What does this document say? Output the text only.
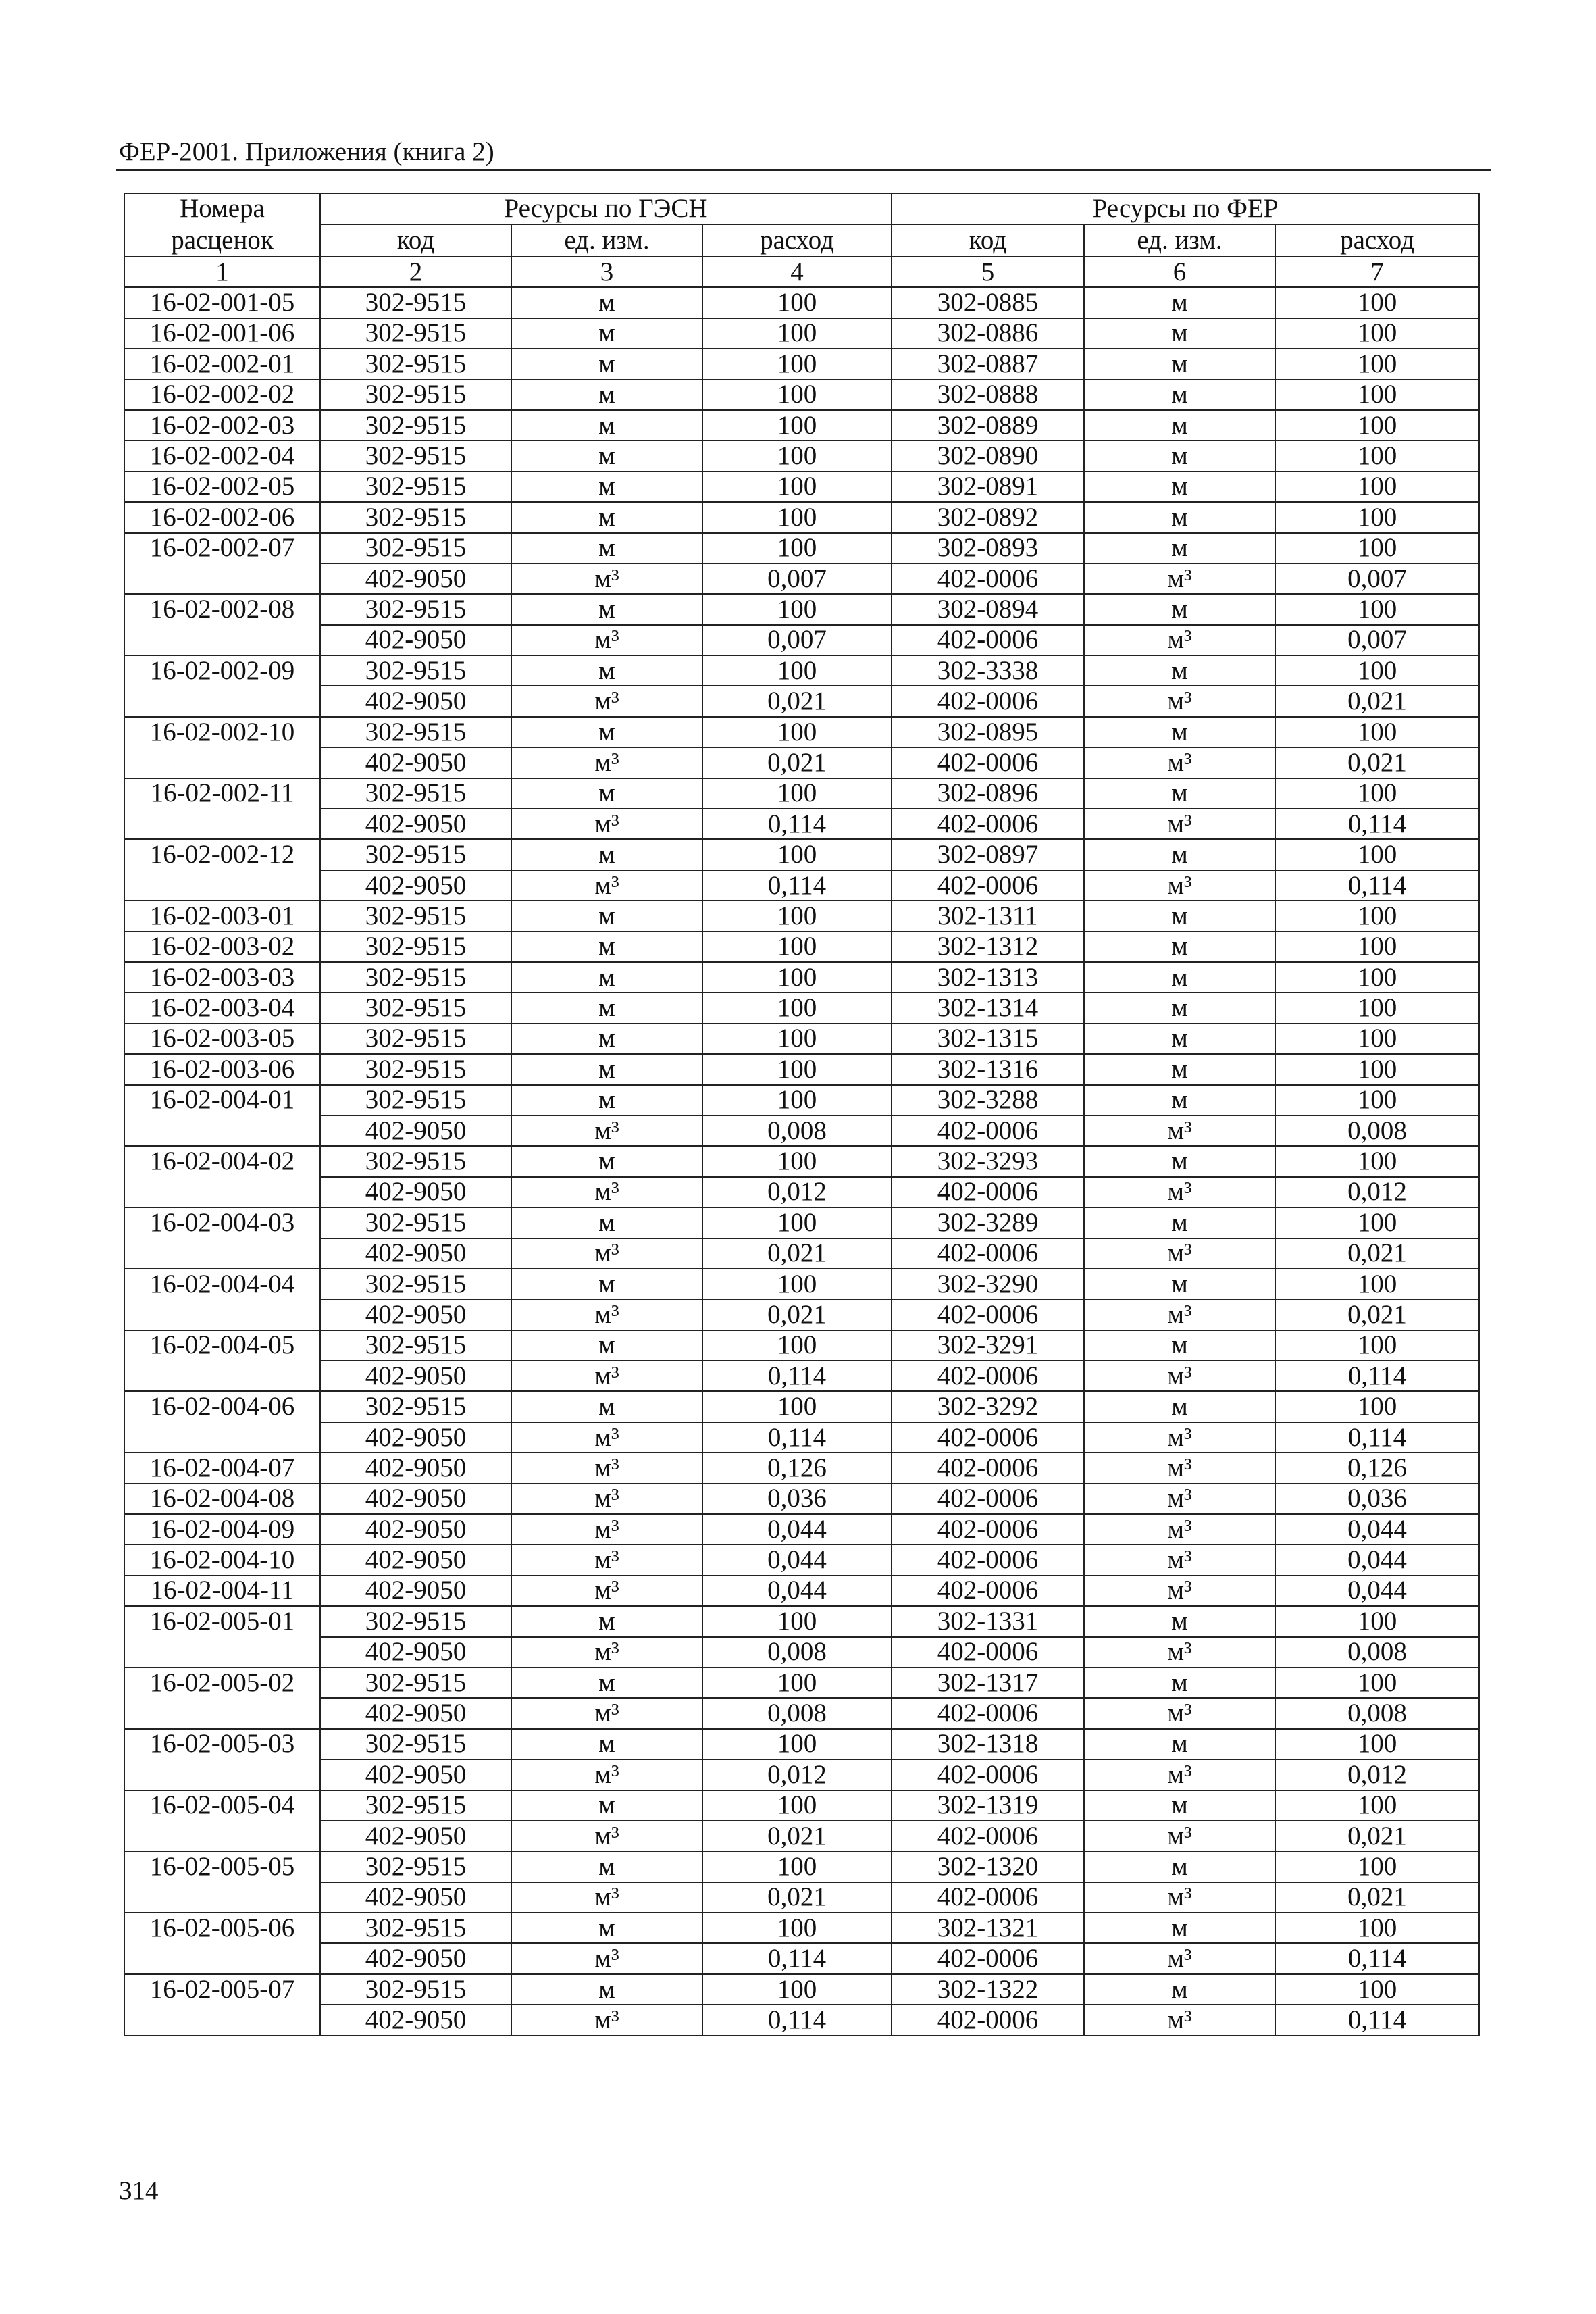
ФЕР-2001. Приложения (книга 2)
Номера	Ресурсы по ГЭСН			Ресурсы по ФЕР		
расценок	код	ед. изм.	расход	код	ед. изм.	расход
1	2	3	4	5	6	7
16-02-001-05	302-9515	м	100	302-0885	м	100
16-02-001-06	302-9515	м	100	302-0886	м	100
16-02-002-01	302-9515	м	100	302-0887	м	100
16-02-002-02	302-9515	м	100	302-0888	м	100
16-02-002-03	302-9515	м	100	302-0889	м	100
16-02-002-04	302-9515	м	100	302-0890	м	100
16-02-002-05	302-9515	м	100	302-0891	м	100
16-02-002-06	302-9515	м	100	302-0892	м	100
16-02-002-07	302-9515	м	100	302-0893	м	100
	402-9050	м³	0,007	402-0006	м³	0,007
16-02-002-08	302-9515	м	100	302-0894	м	100
	402-9050	м³	0,007	402-0006	м³	0,007
16-02-002-09	302-9515	м	100	302-3338	м	100
	402-9050	м³	0,021	402-0006	м³	0,021
16-02-002-10	302-9515	м	100	302-0895	м	100
	402-9050	м³	0,021	402-0006	м³	0,021
16-02-002-11	302-9515	м	100	302-0896	м	100
	402-9050	м³	0,114	402-0006	м³	0,114
16-02-002-12	302-9515	м	100	302-0897	м	100
	402-9050	м³	0,114	402-0006	м³	0,114
16-02-003-01	302-9515	м	100	302-1311	м	100
16-02-003-02	302-9515	м	100	302-1312	м	100
16-02-003-03	302-9515	м	100	302-1313	м	100
16-02-003-04	302-9515	м	100	302-1314	м	100
16-02-003-05	302-9515	м	100	302-1315	м	100
16-02-003-06	302-9515	м	100	302-1316	м	100
16-02-004-01	302-9515	м	100	302-3288	м	100
	402-9050	м³	0,008	402-0006	м³	0,008
16-02-004-02	302-9515	м	100	302-3293	м	100
	402-9050	м³	0,012	402-0006	м³	0,012
16-02-004-03	302-9515	м	100	302-3289	м	100
	402-9050	м³	0,021	402-0006	м³	0,021
16-02-004-04	302-9515	м	100	302-3290	м	100
	402-9050	м³	0,021	402-0006	м³	0,021
16-02-004-05	302-9515	м	100	302-3291	м	100
	402-9050	м³	0,114	402-0006	м³	0,114
16-02-004-06	302-9515	м	100	302-3292	м	100
	402-9050	м³	0,114	402-0006	м³	0,114
16-02-004-07	402-9050	м³	0,126	402-0006	м³	0,126
16-02-004-08	402-9050	м³	0,036	402-0006	м³	0,036
16-02-004-09	402-9050	м³	0,044	402-0006	м³	0,044
16-02-004-10	402-9050	м³	0,044	402-0006	м³	0,044
16-02-004-11	402-9050	м³	0,044	402-0006	м³	0,044
16-02-005-01	302-9515	м	100	302-1331	м	100
	402-9050	м³	0,008	402-0006	м³	0,008
16-02-005-02	302-9515	м	100	302-1317	м	100
	402-9050	м³	0,008	402-0006	м³	0,008
16-02-005-03	302-9515	м	100	302-1318	м	100
	402-9050	м³	0,012	402-0006	м³	0,012
16-02-005-04	302-9515	м	100	302-1319	м	100
	402-9050	м³	0,021	402-0006	м³	0,021
16-02-005-05	302-9515	м	100	302-1320	м	100
	402-9050	м³	0,021	402-0006	м³	0,021
16-02-005-06	302-9515	м	100	302-1321	м	100
	402-9050	м³	0,114	402-0006	м³	0,114
16-02-005-07	302-9515	м	100	302-1322	м	100
	402-9050	м³	0,114	402-0006	м³	0,114
314
